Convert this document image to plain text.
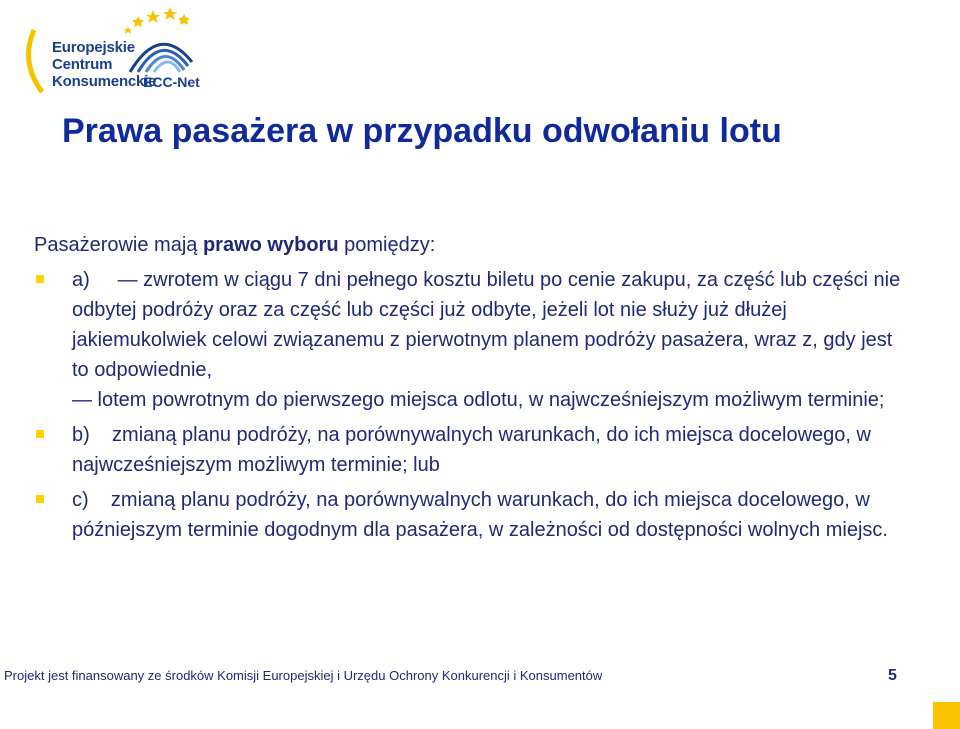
Europejskie
Centrum
Konsumenckie
ECC-Net
Prawa pasażera w przypadku odwołaniu lotu

Pasażerowie mają prawo wyboru pomiędzy:

a) — zwrotem w ciągu 7 dni pełnego kosztu biletu po cenie zakupu, za część lub części nie odbytej podróży oraz za część lub części już odbyte, jeżeli lot nie służy już dłużej jakiemukolwiek celowi związanemu z pierwotnym planem podróży pasażera, wraz z, gdy jest to odpowiednie,

— lotem powrotnym do pierwszego miejsca odlotu, w najwcześniejszym możliwym terminie;

b) zmianą planu podróży, na porównywalnych warunkach, do ich miejsca docelowego, w najwcześniejszym możliwym terminie; lub

c) zmianą planu podróży, na porównywalnych warunkach, do ich miejsca docelowego, w późniejszym terminie dogodnym dla pasażera, w zależności od dostępności wolnych miejsc.

Projekt jest finansowany ze środków Komisji Europejskiej i Urzędu Ochrony Konkurencji i Konsumentów	5
